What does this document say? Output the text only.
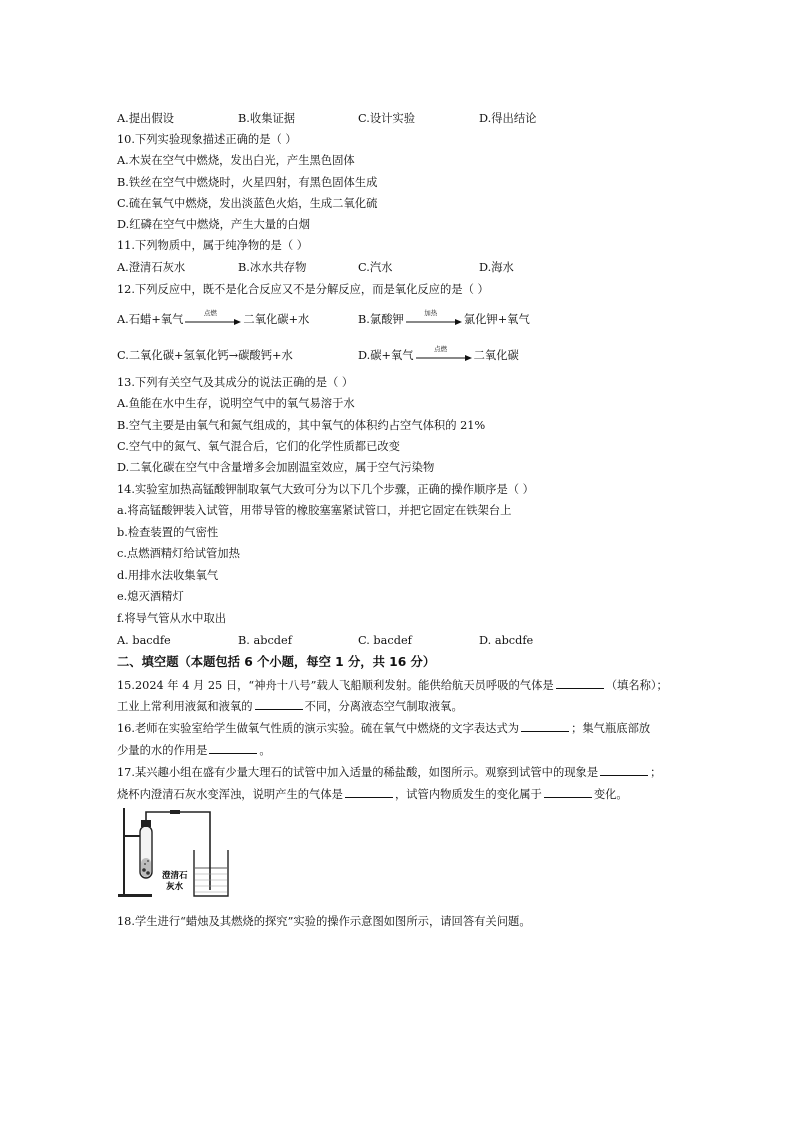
A.提出假设	B.收集证据	C.设计实验	D.得出结论
10.下列实验现象描述正确的是（ ）
A.木炭在空气中燃烧，发出白光，产生黑色固体
B.铁丝在空气中燃烧时，火星四射，有黑色固体生成
C.硫在氧气中燃烧，发出淡蓝色火焰，生成二氧化硫
D.红磷在空气中燃烧，产生大量的白烟
11.下列物质中，属于纯净物的是（ ）
A.澄清石灰水	B.冰水共存物	C.汽水	D.海水
12.下列反应中，既不是化合反应又不是分解反应，而是氧化反应的是（ ）
A.石蜡+氧气	点燃	二氧化碳+水	B.氯酸钾	加热	氯化钾+氧气
C.二氧化碳+氢氧化钙→碳酸钙+水	D.碳+氧气	点燃	二氧化碳
13.下列有关空气及其成分的说法正确的是（ ）
A.鱼能在水中生存，说明空气中的氧气易溶于水
B.空气主要是由氧气和氮气组成的，其中氧气的体积约占空气体积的 21%
C.空气中的氮气、氧气混合后，它们的化学性质都已改变
D.二氧化碳在空气中含量增多会加剧温室效应，属于空气污染物
14.实验室加热高锰酸钾制取氧气大致可分为以下几个步骤，正确的操作顺序是（ ）
a.将高锰酸钾装入试管，用带导管的橡胶塞塞紧试管口，并把它固定在铁架台上
b.检查装置的气密性
c.点燃酒精灯给试管加热
d.用排水法收集氧气
e.熄灭酒精灯
f.将导气管从水中取出
A. bacdfe	B. abcdef	C. bacdef	D. abcdfe
二、填空题（本题包括 6 个小题，每空 1 分，共 16 分）
15.2024 年 4 月 25 日，“神舟十八号”载人飞船顺利发射。能供给航天员呼吸的气体是	（填名称）；
工业上常利用液氮和液氧的	不同，分离液态空气制取液氧。
16.老师在实验室给学生做氧气性质的演示实验。硫在氧气中燃烧的文字表达式为	；集气瓶底部放
少量的水的作用是	。
17.某兴趣小组在盛有少量大理石的试管中加入适量的稀盐酸，如图所示。观察到试管中的现象是	；
烧杯内澄清石灰水变浑浊，说明产生的气体是	，试管内物质发生的变化属于	变化。
澄清石
灰水
18.学生进行“蜡烛及其燃烧的探究”实验的操作示意图如图所示，请回答有关问题。
